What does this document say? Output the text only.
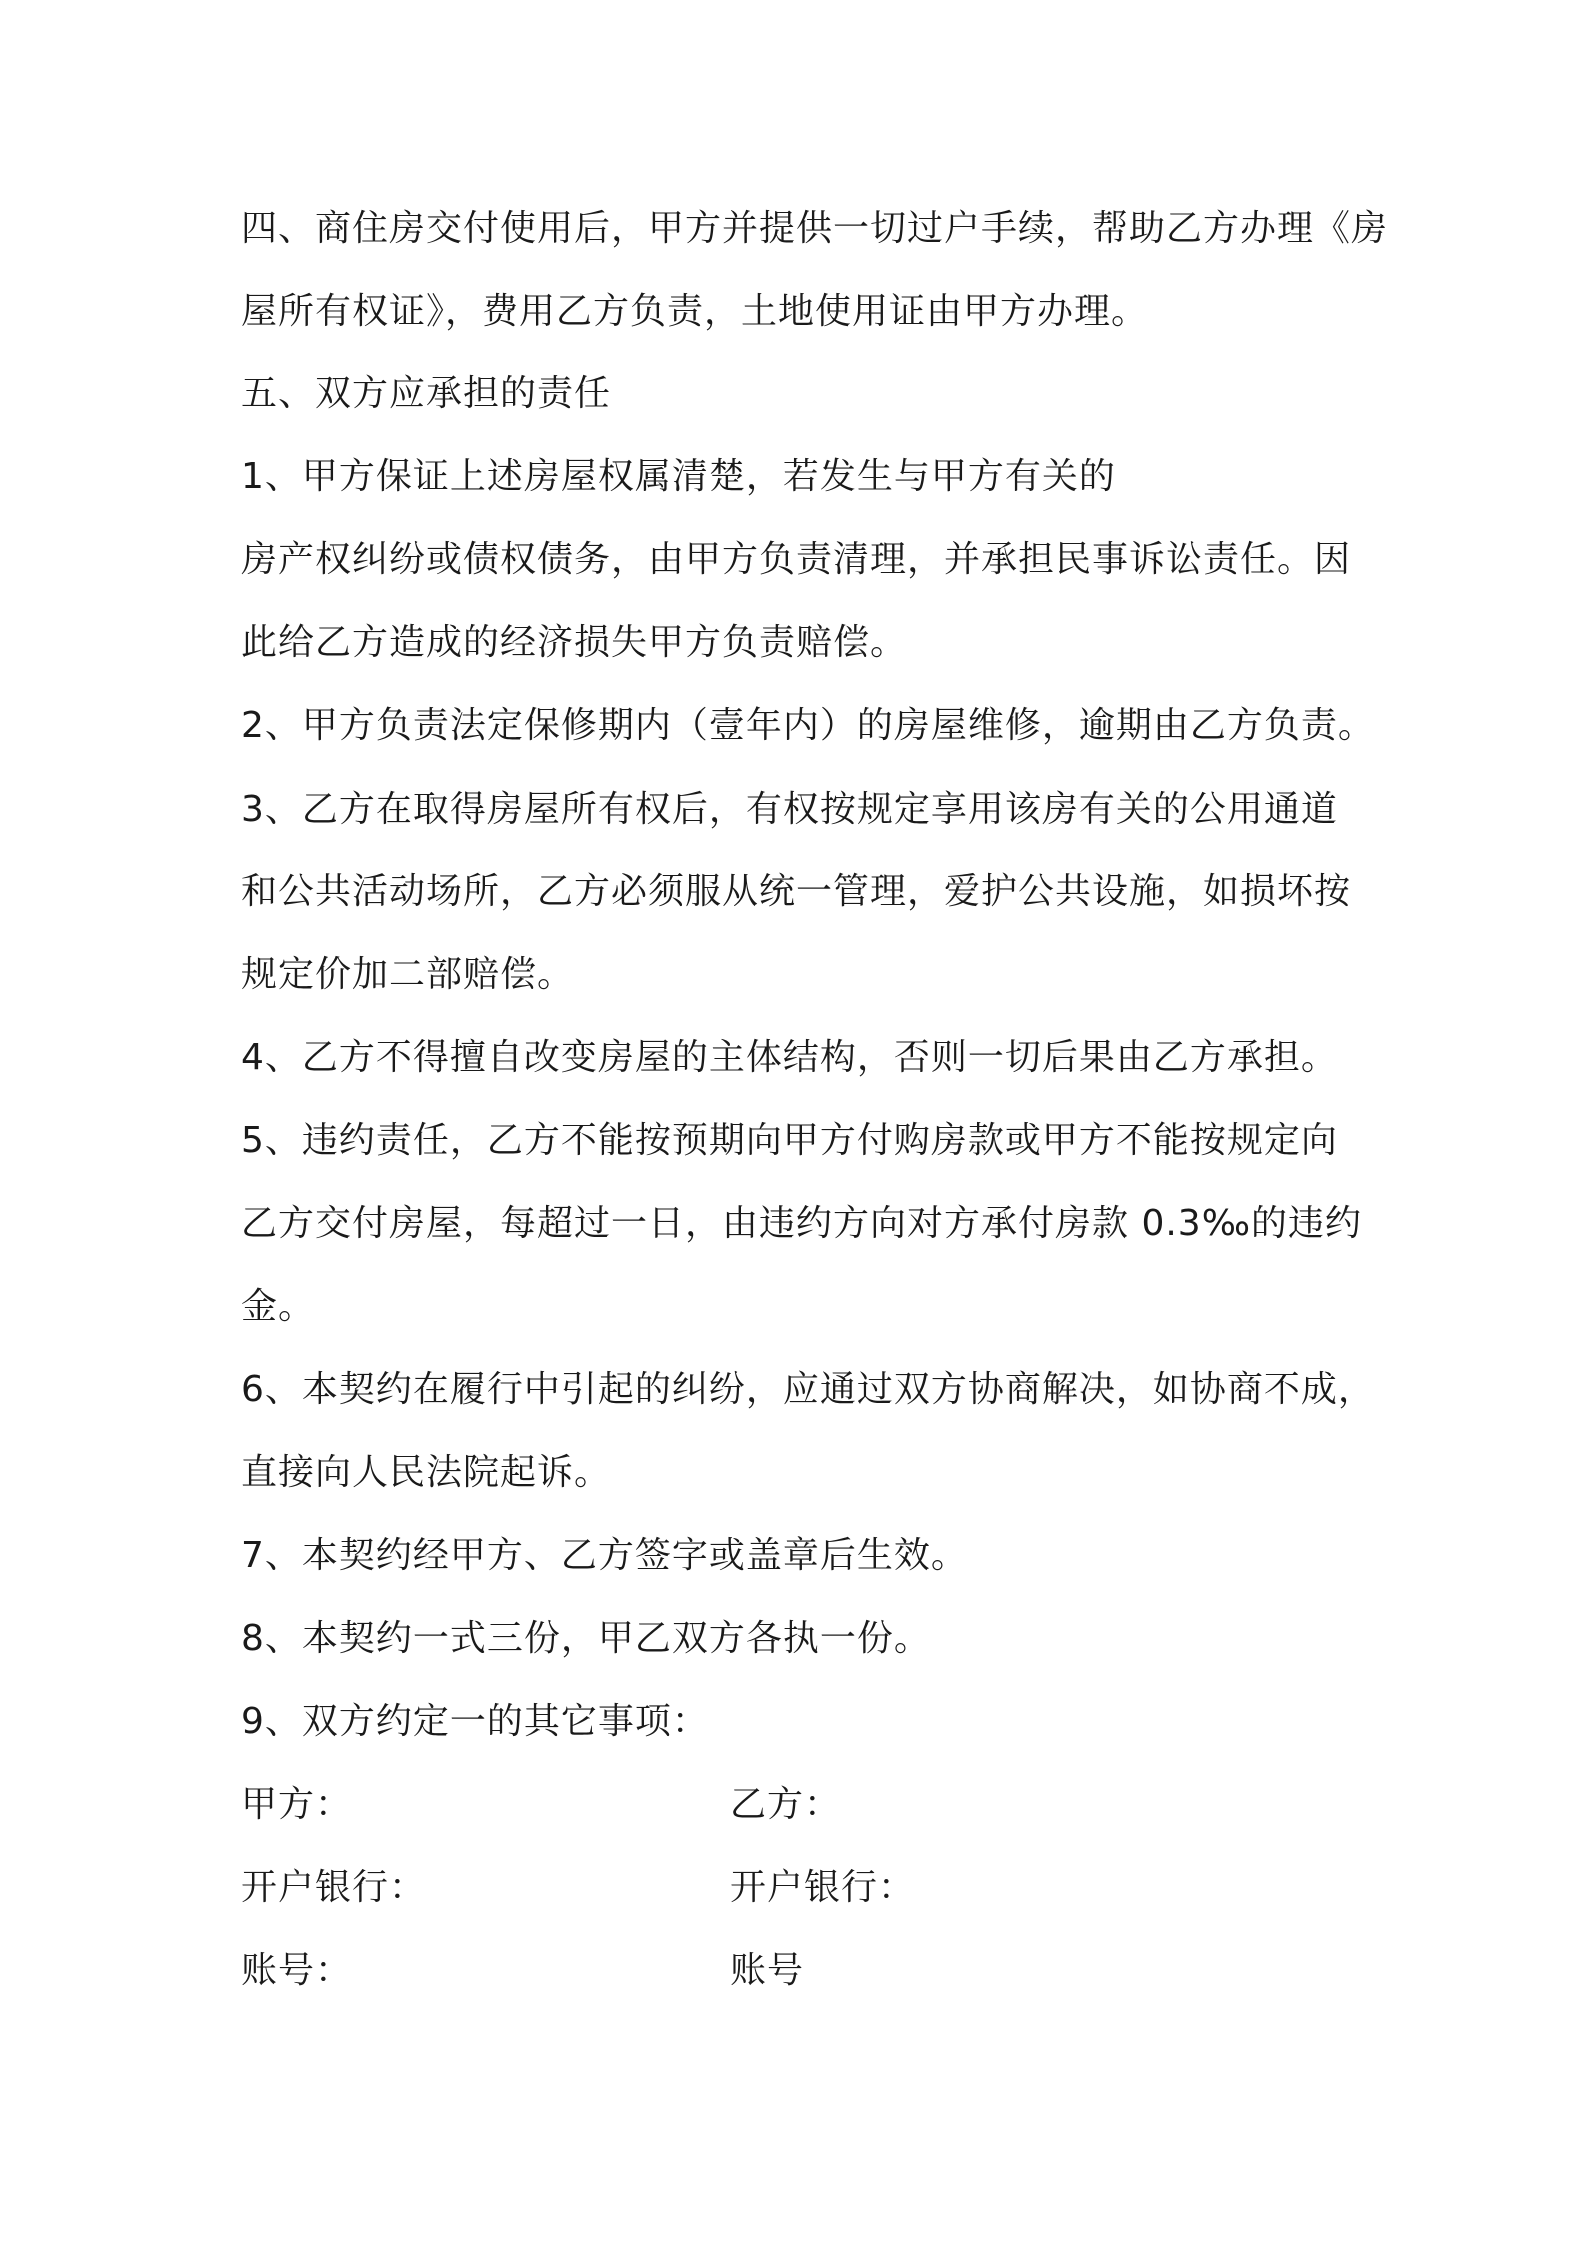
四、商住房交付使用后，甲方并提供一切过户手续，帮助乙方办理《房
屋所有权证》，费用乙方负责，土地使用证由甲方办理。
五、双方应承担的责任
1、甲方保证上述房屋权属清楚，若发生与甲方有关的
房产权纠纷或债权债务，由甲方负责清理，并承担民事诉讼责任。因
此给乙方造成的经济损失甲方负责赔偿。
2、甲方负责法定保修期内（壹年内）的房屋维修，逾期由乙方负责。
3、乙方在取得房屋所有权后，有权按规定享用该房有关的公用通道
和公共活动场所，乙方必须服从统一管理，爱护公共设施，如损坏按
规定价加二部赔偿。
4、乙方不得擅自改变房屋的主体结构，否则一切后果由乙方承担。
5、违约责任，乙方不能按预期向甲方付购房款或甲方不能按规定向
乙方交付房屋，每超过一日，由违约方向对方承付房款 0.3‰的违约
金。
6、本契约在履行中引起的纠纷，应通过双方协商解决，如协商不成，
直接向人民法院起诉。
7、本契约经甲方、乙方签字或盖章后生效。
8、本契约一式三份，甲乙双方各执一份。
9、双方约定一的其它事项：
甲方：	乙方：
开户银行：	开户银行：
账号：	账号
